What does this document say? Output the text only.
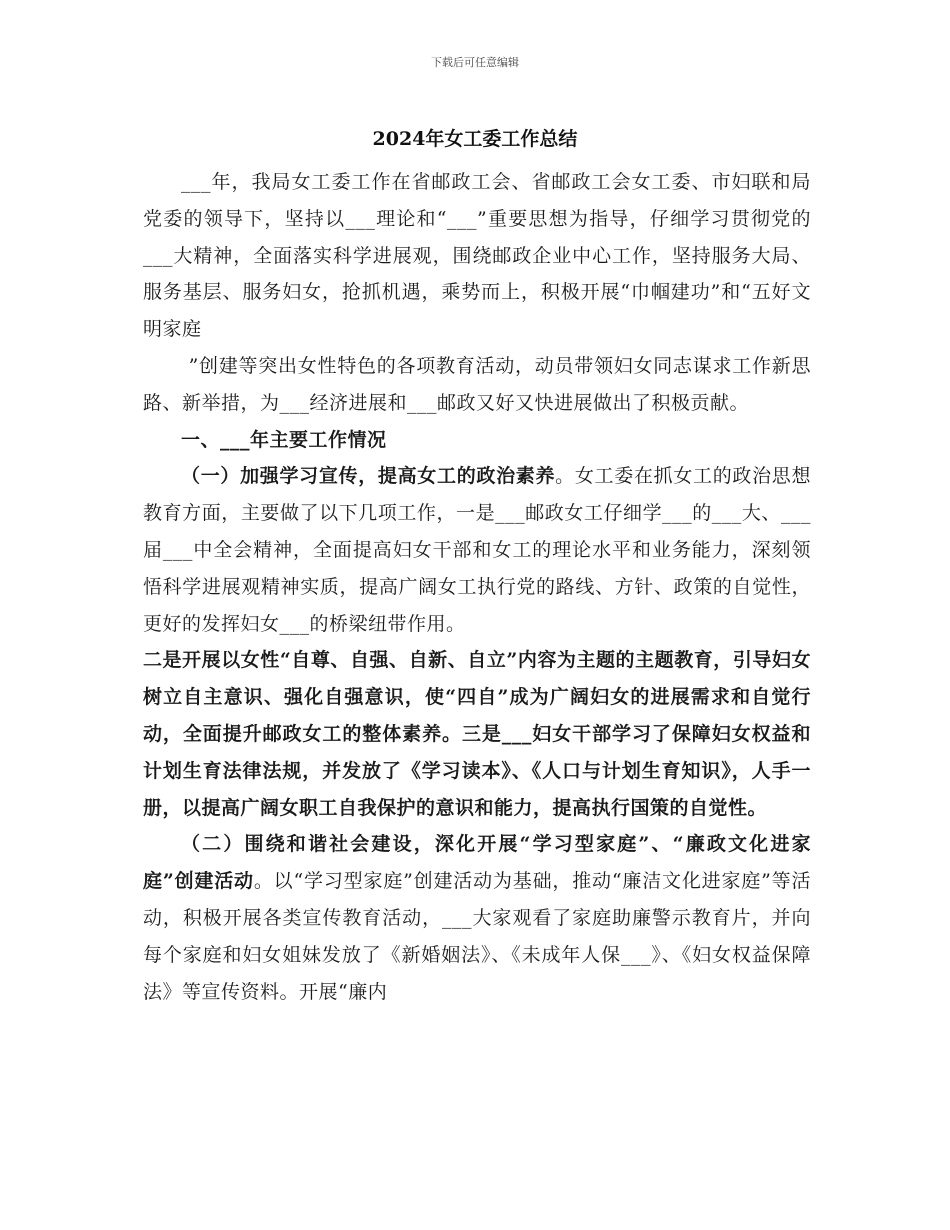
下载后可任意编辑
2024年女工委工作总结

___年，我局女工委工作在省邮政工会、省邮政工会女工委、市妇联和局党委的领导下，坚持以___理论和“___”重要思想为指导，仔细学习贯彻党的___大精神，全面落实科学进展观，围绕邮政企业中心工作，坚持服务大局、服务基层、服务妇女，抢抓机遇，乘势而上，积极开展“巾帼建功”和“五好文明家庭

”创建等突出女性特色的各项教育活动，动员带领妇女同志谋求工作新思路、新举措，为___经济进展和___邮政又好又快进展做出了积极贡献。

一、___年主要工作情况

（一）加强学习宣传，提高女工的政治素养。女工委在抓女工的政治思想教育方面，主要做了以下几项工作，一是___邮政女工仔细学___的___大、___届___中全会精神，全面提高妇女干部和女工的理论水平和业务能力，深刻领悟科学进展观精神实质，提高广阔女工执行党的路线、方针、政策的自觉性，更好的发挥妇女___的桥梁纽带作用。

二是开展以女性“自尊、自强、自新、自立”内容为主题的主题教育，引导妇女树立自主意识、强化自强意识，使“四自”成为广阔妇女的进展需求和自觉行动，全面提升邮政女工的整体素养。三是___妇女干部学习了保障妇女权益和计划生育法律法规，并发放了《学习读本》、《人口与计划生育知识》，人手一册，以提高广阔女职工自我保护的意识和能力，提高执行国策的自觉性。

（二）围绕和谐社会建设，深化开展“学习型家庭”、“廉政文化进家庭”创建活动。以“学习型家庭”创建活动为基础，推动“廉洁文化进家庭”等活动，积极开展各类宣传教育活动，___大家观看了家庭助廉警示教育片，并向每个家庭和妇女姐妹发放了《新婚姻法》、《未成年人保___》、《妇女权益保障法》等宣传资料。开展“廉内
